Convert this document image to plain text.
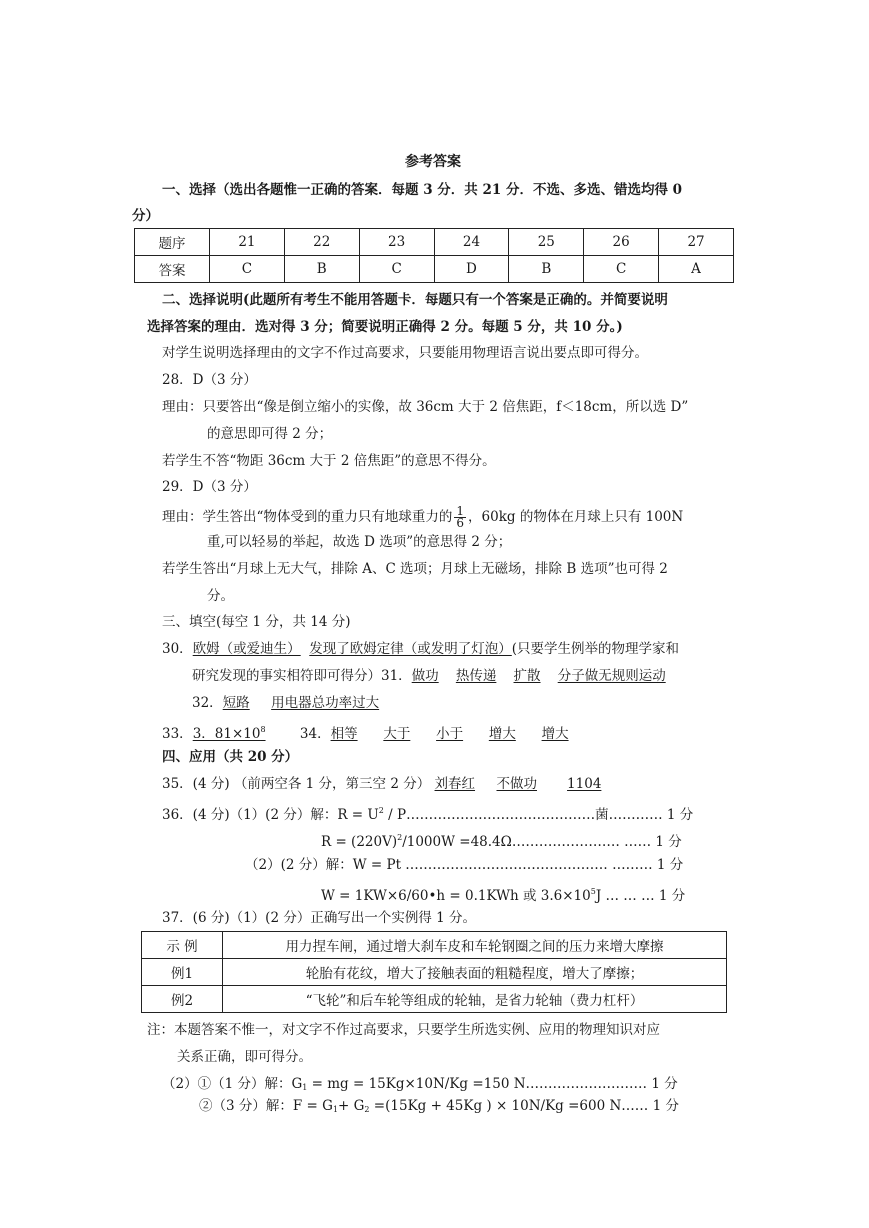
参考答案
一、选择（选出各题惟一正确的答案．每题 3 分．共 21 分．不选、多选、错选均得 0
分）
题序	21	22	23	24	25	26	27
答案	C	B	C	D	B	C	A
二、选择说明(此题所有考生不能用答题卡．每题只有一个答案是正确的。并简要说明
选择答案的理由．选对得 3 分；简要说明正确得 2 分。每题 5 分，共 10 分。)
对学生说明选择理由的文字不作过高要求，只要能用物理语言说出要点即可得分。
28．D（3 分）
理由：只要答出“像是倒立缩小的实像，故 36cm 大于 2 倍焦距，f＜18cm，所以选 D”
的意思即可得 2 分；
若学生不答“物距 36cm 大于 2 倍焦距”的意思不得分。
29．D（3 分）
理由：学生答出“物体受到的重力只有地球重力的 $\frac{1}{6}$ ，60kg 的物体在月球上只有 100N
重,可以轻易的举起，故选 D 选项”的意思得 2 分；
若学生答出“月球上无大气，排除 A、C 选项；月球上无磁场，排除 B 选项”也可得 2
分。
三、填空(每空 1 分，共 14 分)
30．欧姆（或爱迪生） 发现了欧姆定律（或发明了灯泡）(只要学生例举的物理学家和
研究发现的事实相符即可得分）31．做功 热传递 扩散 分子做无规则运动
32．短路 用电器总功率过大
33．3．$81\times 10^8$	34．相等 大于 小于 增大 增大
四、应用（共 20 分）
35．(4 分) （前两空各 1 分，第三空 2 分） 刘春红 不做功 1104
36．(4 分)（1）(2 分）解：$R = U^2$ / P……………………………………菌………… 1 分
$R = (220V)^2/1000W$ =48.4Ω…………………… …… 1 分
（2）(2 分）解：W = Pt ……………………………………… ……… 1 分
W = 1KW×6/60•h = 0.1KWh 或 $3.6\times 10^5J$ … … … 1 分
37．(6 分)（1）(2 分）正确写出一个实例得 1 分。
示 例	用力捏车闸，通过增大刹车皮和车轮钢圈之间的压力来增大摩擦
例1	轮胎有花纹，增大了接触表面的粗糙程度，增大了摩擦；
例2	“飞轮”和后车轮等组成的轮轴，是省力轮轴（费力杠杆）
注：本题答案不惟一，对文字不作过高要求，只要学生所选实例、应用的物理知识对应
关系正确，即可得分。
（2）①（1 分）解：$G_1$ = mg = 15Kg×10N/Kg =150 N……………………… 1 分
②（3 分）解：$F = G_1+ G_2 =(15Kg + 45Kg$ ) × 10N/Kg =600 N…… 1 分
